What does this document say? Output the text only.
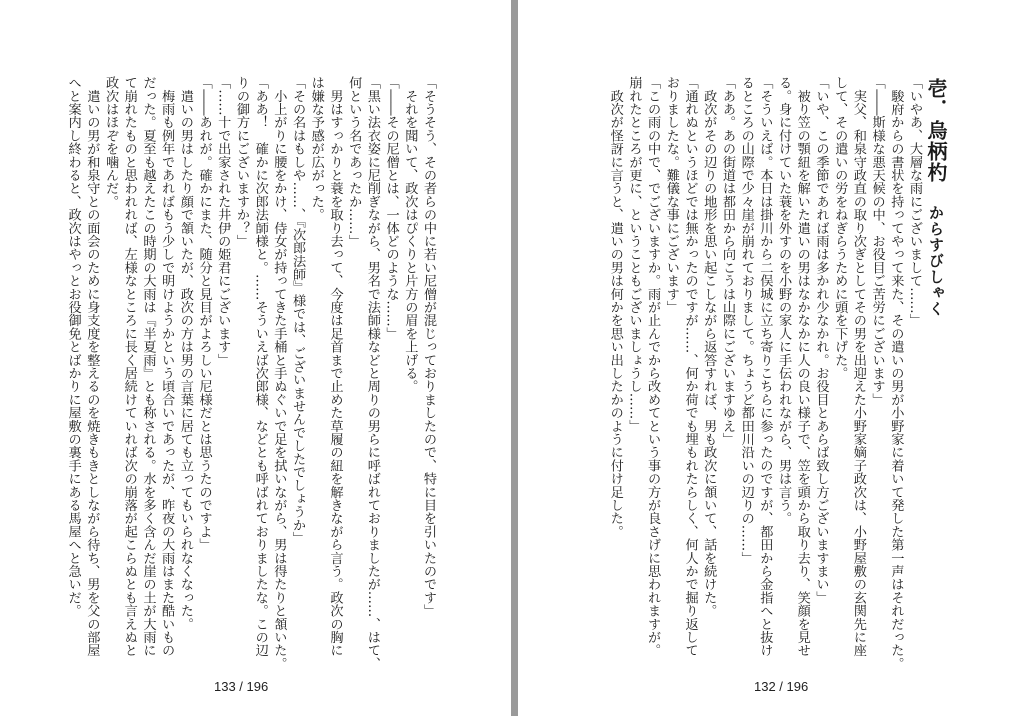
「そうそう、その者らの中に若い尼僧が混じっておりましたので、特に目を引いたのです」
　それを聞いて、政次はぴくりと片方の眉を上げる。
「――その尼僧とは、一体どのような……」
「黒い法衣姿に尼削ぎながら、男名で法師様などと周りの男らに呼ばれておりましたが……、はて、
何という名であったか……」
　男はすっかりと蓑を取り去って、今度は足首まで止めた草履の紐を解きながら言う。政次の胸に
は嫌な予感が広がった。
「その名はもしや……、『次郎法師』様では、ございませんでしたでしょうか」
　小上がりに腰をかけ、侍女が持ってきた手桶と手ぬぐいで足を拭いながら、男は得たりと頷いた。
「ああ！　確かに次郎法師様と。……そういえば次郎様、などとも呼ばれておりましたな。この辺
りの御方にございますか？」
「……十で出家された井伊の姫君にございます」
「――あれが。確かにまた、随分と見目がよろしい尼様だとは思うたのですよ」
　遣いの男はしたり顔で頷いたが、政次の方は男の言葉に居ても立ってもいられなくなった。
　梅雨も例年であればもう少しで明けようかという頃合いであったが、昨夜の大雨はまた酷いもの
だった。夏至も越えたこの時期の大雨は『半夏雨』とも称される。水を多く含んだ崖の土が大雨に
て崩れたものと思われれば、左様なところに長く居続けていれば次の崩落が起こらぬとも言えぬと
政次はほぞを噛んだ。
　遣いの男が和泉守との面会のために身支度を整えるのを焼きもきとしながら待ち、男を父の部屋
へと案内し終わると、政次はやっとお役御免とばかりに屋敷の裏手にある馬屋へと急いだ。
133 / 196
壱．烏柄杓からすびしゃく
「いやあ、大層な雨にございまして……」
　駿府からの書状を持ってやって来た、その遣いの男が小野家に着いて発した第一声はそれだった。
「――斯様な悪天候の中、お役目ご苦労にございます」
　実父、和泉守政直の取り次ぎとしてその男を出迎えた小野家嫡子政次は、小野屋敷の玄関先に座
して、その遣いの労をねぎらうために頭を下げた。
「いや、この季節であれば雨は多かれ少なかれ。お役目とあらば致し方ございますまい」
　被り笠の顎紐を解いた遣いの男はなかなかに人の良い様子で、笠を頭から取り去り、笑顔を見せ
る。身に付けていた蓑を外すのを小野の家人に手伝われながら、男は言う。
「そういえば。本日は掛川から二俣城に立ち寄りこちらに参ったのですが、都田から金指へと抜け
るところの山際で少々崖が崩れておりまして。ちょうど都田川沿いの辺りの……」
「ああ。あの街道は都田から向こうは山際にございますゆえ」
　政次がその辺りの地形を思い起こしながら返答すれば、男も政次に頷いて、話を続けた。
「通れぬというほどでは無かったのですが……、何か荷でも埋もれたらしく、何人かで掘り返して
おりましたな。難儀な事にございます」
「この雨の中で、でございますか。雨が止んでから改めてという事の方が良さげに思われますが。
崩れたところが更に、ということもございましょうし……」
　政次が怪訝に言うと、遣いの男は何かを思い出したかのように付け足した。
132 / 196
